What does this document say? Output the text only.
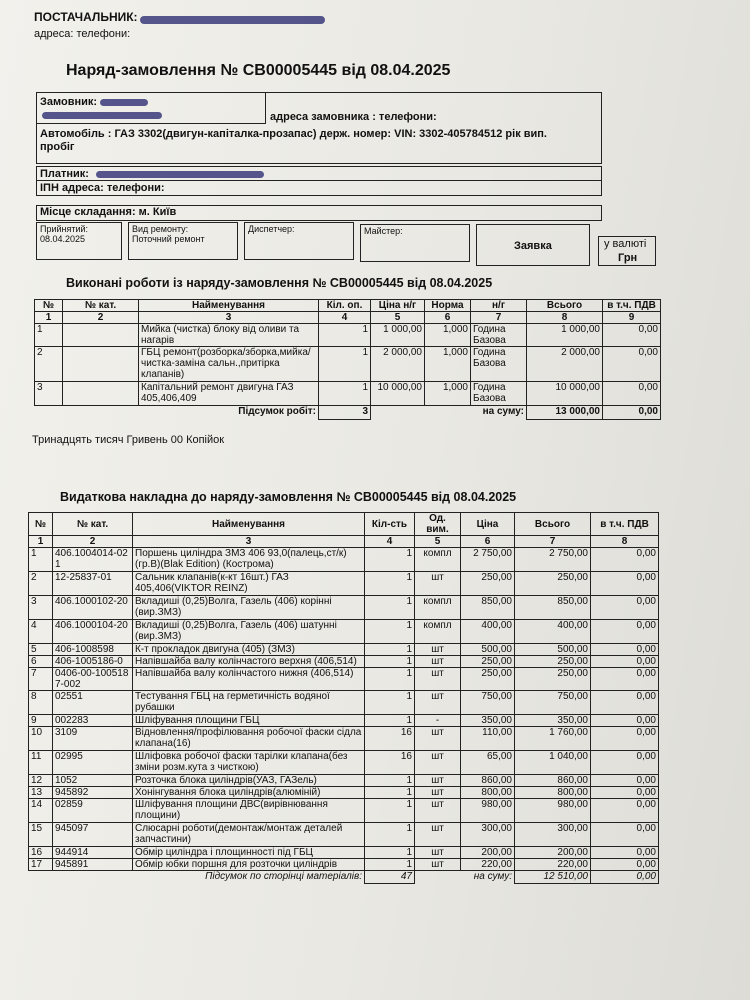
ПОСТАЧАЛЬНИК:
адреса: телефони:
Наряд-замовлення № СВ00005445 від 08.04.2025
Замовник:
адреса замовника : телефони:
Автомобіль : ГАЗ 3302(двигун-капіталка-прозапас) держ. номер: VIN: 3302-405784512 рік вип.
пробіг
Платник:
ІПН адреса: телефони:
Місце складання: м. Київ
Прийнятий:
08.04.2025
Вид ремонту:
Поточний ремонт
Диспетчер:	Майстер:
Заявка	у валюті
Грн
Виконані роботи із наряду-замовлення № СВ00005445 від 08.04.2025
№	№ кат.	Найменування	Кіл. оп.	Ціна н/г	Норма	н/г	Всього	в т.ч. ПДВ
1	2	3	4	5	6	7	8	9
1		Мийка (чистка) блоку від оливи та нагарів	1	1 000,00	1,000	Година Базова	1 000,00	0,00
2		ГБЦ ремонт(розборка/зборка,мийка/чистка-заміна сальн.,притірка клапанів)	1	2 000,00	1,000	Година Базова	2 000,00	0,00
3		Капітальний ремонт двигуна ГАЗ 405,406,409	1	10 000,00	1,000	Година Базова	10 000,00	0,00
Підсумок робіт:			3	на суму:			13 000,00	0,00
Тринадцять тисяч Гривень 00 Копійок
Видаткова накладна до наряду-замовлення № СВ00005445 від 08.04.2025
№	№ кат.	Найменування	Кіл-сть	Од. вим.	Ціна	Всього	в т.ч. ПДВ
1	2	3	4	5	6	7	8
1	406.1004014-02 1	Поршень циліндра ЗМЗ 406 93,0(палець,ст/к)(гр.В)(Blak Edition) (Кострома)	1	компл	2 750,00	2 750,00	0,00
2	12-25837-01	Сальник клапанів(к-кт 16шт.) ГАЗ 405,406(VIKTOR REINZ)	1	шт	250,00	250,00	0,00
3	406.1000102-20	Вкладиші (0,25)Волга, Газель (406) корінні (вир.ЗМЗ)	1	компл	850,00	850,00	0,00
4	406.1000104-20	Вкладиші (0,25)Волга, Газель (406) шатунні (вир.ЗМЗ)	1	компл	400,00	400,00	0,00
5	406-1008598	К-т прокладок двигуна (405) (ЗМЗ)	1	шт	500,00	500,00	0,00
6	406-1005186-0	Напівшайба валу колінчастого верхня (406,514)	1	шт	250,00	250,00	0,00
7	0406-00-100518 7-002	Напівшайба валу колінчастого нижня (406,514)	1	шт	250,00	250,00	0,00
8	02551	Тестування ГБЦ на герметичність водяної рубашки	1	шт	750,00	750,00	0,00
9	002283	Шліфування площини ГБЦ	1	-	350,00	350,00	0,00
10	3109	Відновлення/профілювання робочої фаски сідла клапана(16)	16	шт	110,00	1 760,00	0,00
11	02995	Шліфовка робочої фаски тарілки клапана(без зміни розм.кута з чисткою)	16	шт	65,00	1 040,00	0,00
12	1052	Розточка блока циліндрів(УАЗ, ГАЗель)	1	шт	860,00	860,00	0,00
13	945892	Хонінгування блока циліндрів(алюміній)	1	шт	800,00	800,00	0,00
14	02859	Шліфування площини ДВС(вирівнювання площини)	1	шт	980,00	980,00	0,00
15	945097	Слюсарні роботи(демонтаж/монтаж деталей запчастини)	1	шт	300,00	300,00	0,00
16	944914	Обмір циліндра і площинності під ГБЦ	1	шт	200,00	200,00	0,00
17	945891	Обмір юбки поршня для розточки циліндрів	1	шт	220,00	220,00	0,00
Підсумок по сторінці матеріалів:			47	на суму:		12 510,00	0,00
